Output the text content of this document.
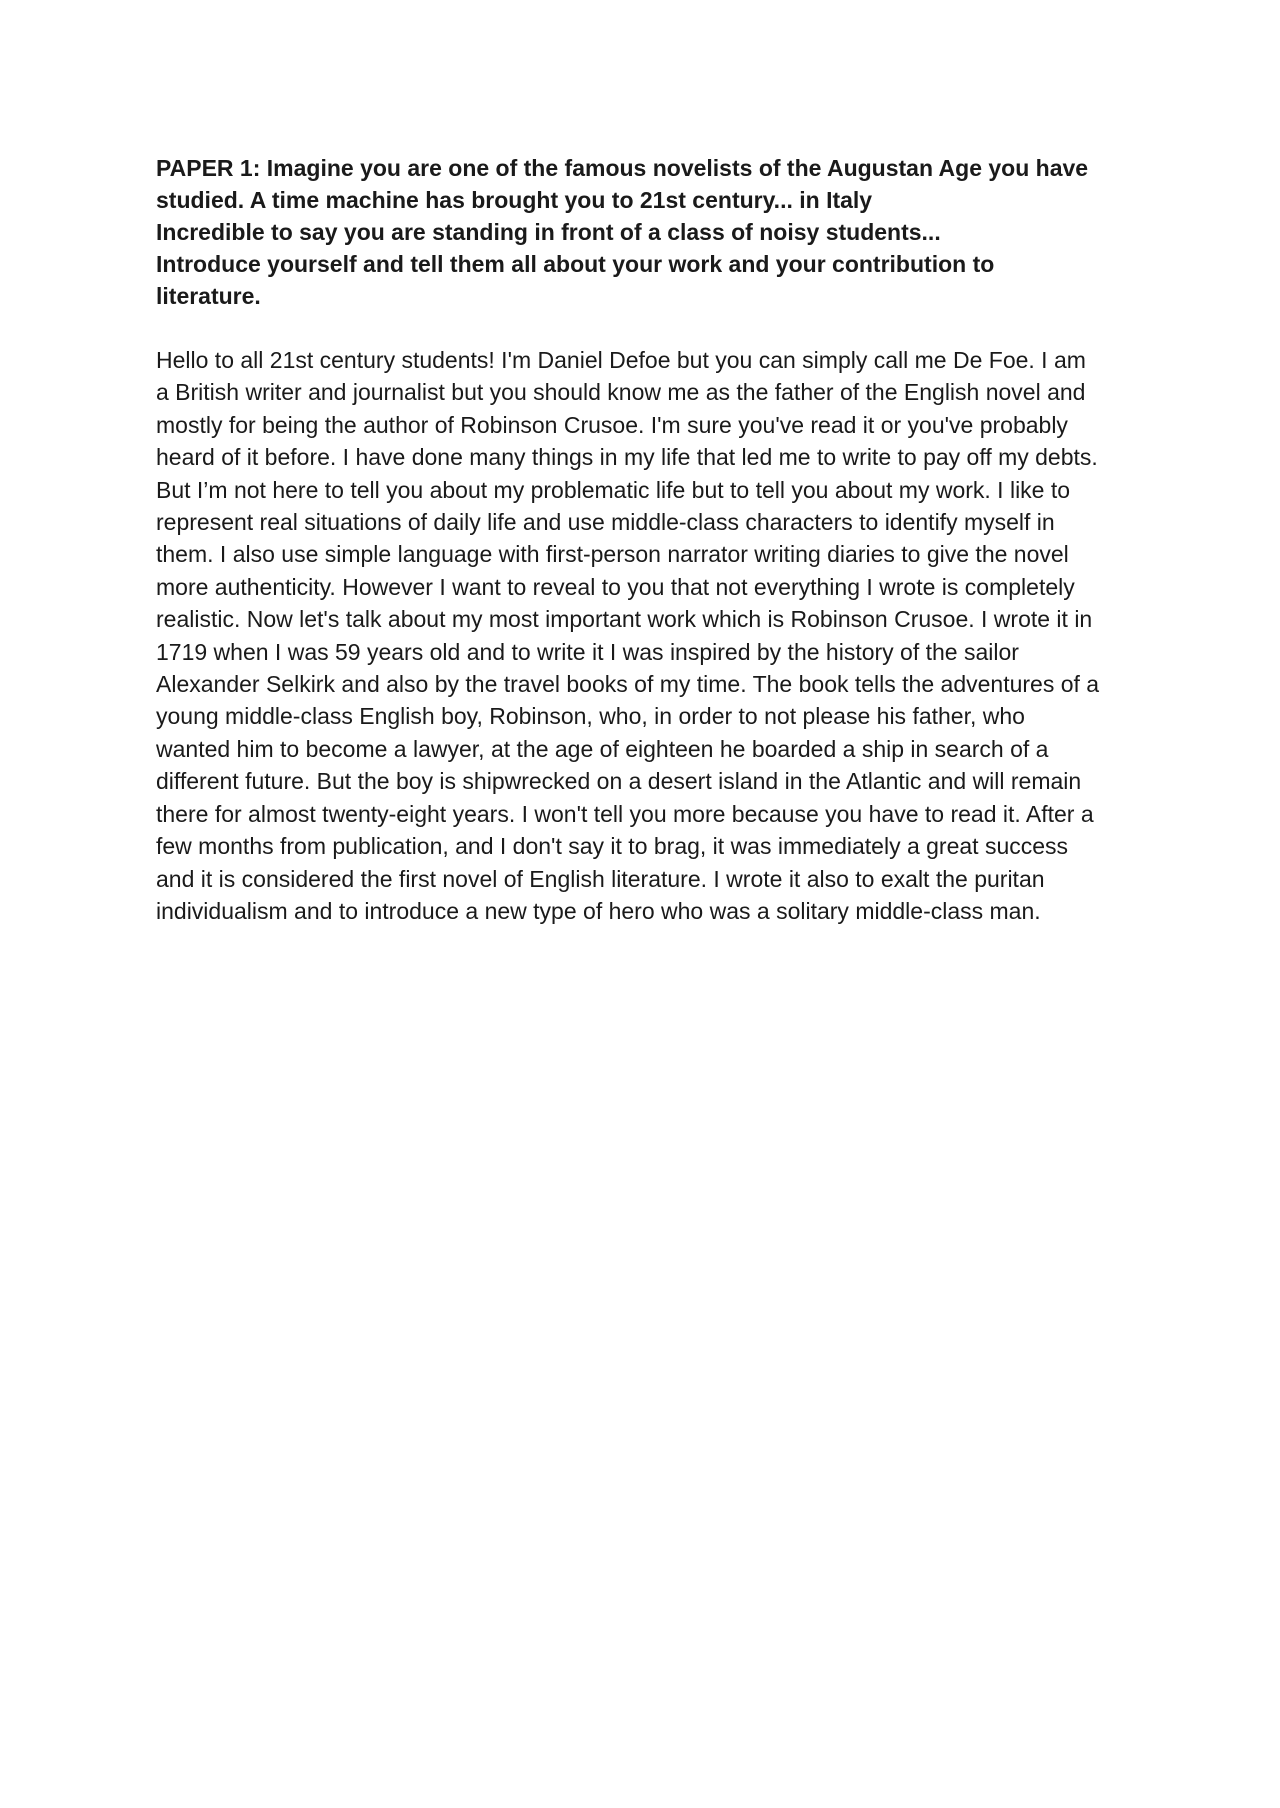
PAPER 1: Imagine you are one of the famous novelists of the Augustan Age you have
studied. A time machine has brought you to 21st century... in Italy
Incredible to say you are standing in front of a class of noisy students...
Introduce yourself and tell them all about your work and your contribution to
literature.

Hello to all 21st century students! I'm Daniel Defoe but you can simply call me De Foe. I am
a British writer and journalist but you should know me as the father of the English novel and
mostly for being the author of Robinson Crusoe. I'm sure you've read it or you've probably
heard of it before. I have done many things in my life that led me to write to pay off my debts.
But I’m not here to tell you about my problematic life but to tell you about my work. I like to
represent real situations of daily life and use middle-class characters to identify myself in
them. I also use simple language with first-person narrator writing diaries to give the novel
more authenticity. However I want to reveal to you that not everything I wrote is completely
realistic. Now let's talk about my most important work which is Robinson Crusoe. I wrote it in
1719 when I was 59 years old and to write it I was inspired by the history of the sailor
Alexander Selkirk and also by the travel books of my time. The book tells the adventures of a
young middle-class English boy, Robinson, who, in order to not please his father, who
wanted him to become a lawyer, at the age of eighteen he boarded a ship in search of a
different future. But the boy is shipwrecked on a desert island in the Atlantic and will remain
there for almost twenty-eight years. I won't tell you more because you have to read it. After a
few months from publication, and I don't say it to brag, it was immediately a great success
and it is considered the first novel of English literature. I wrote it also to exalt the puritan
individualism and to introduce a new type of hero who was a solitary middle-class man.
